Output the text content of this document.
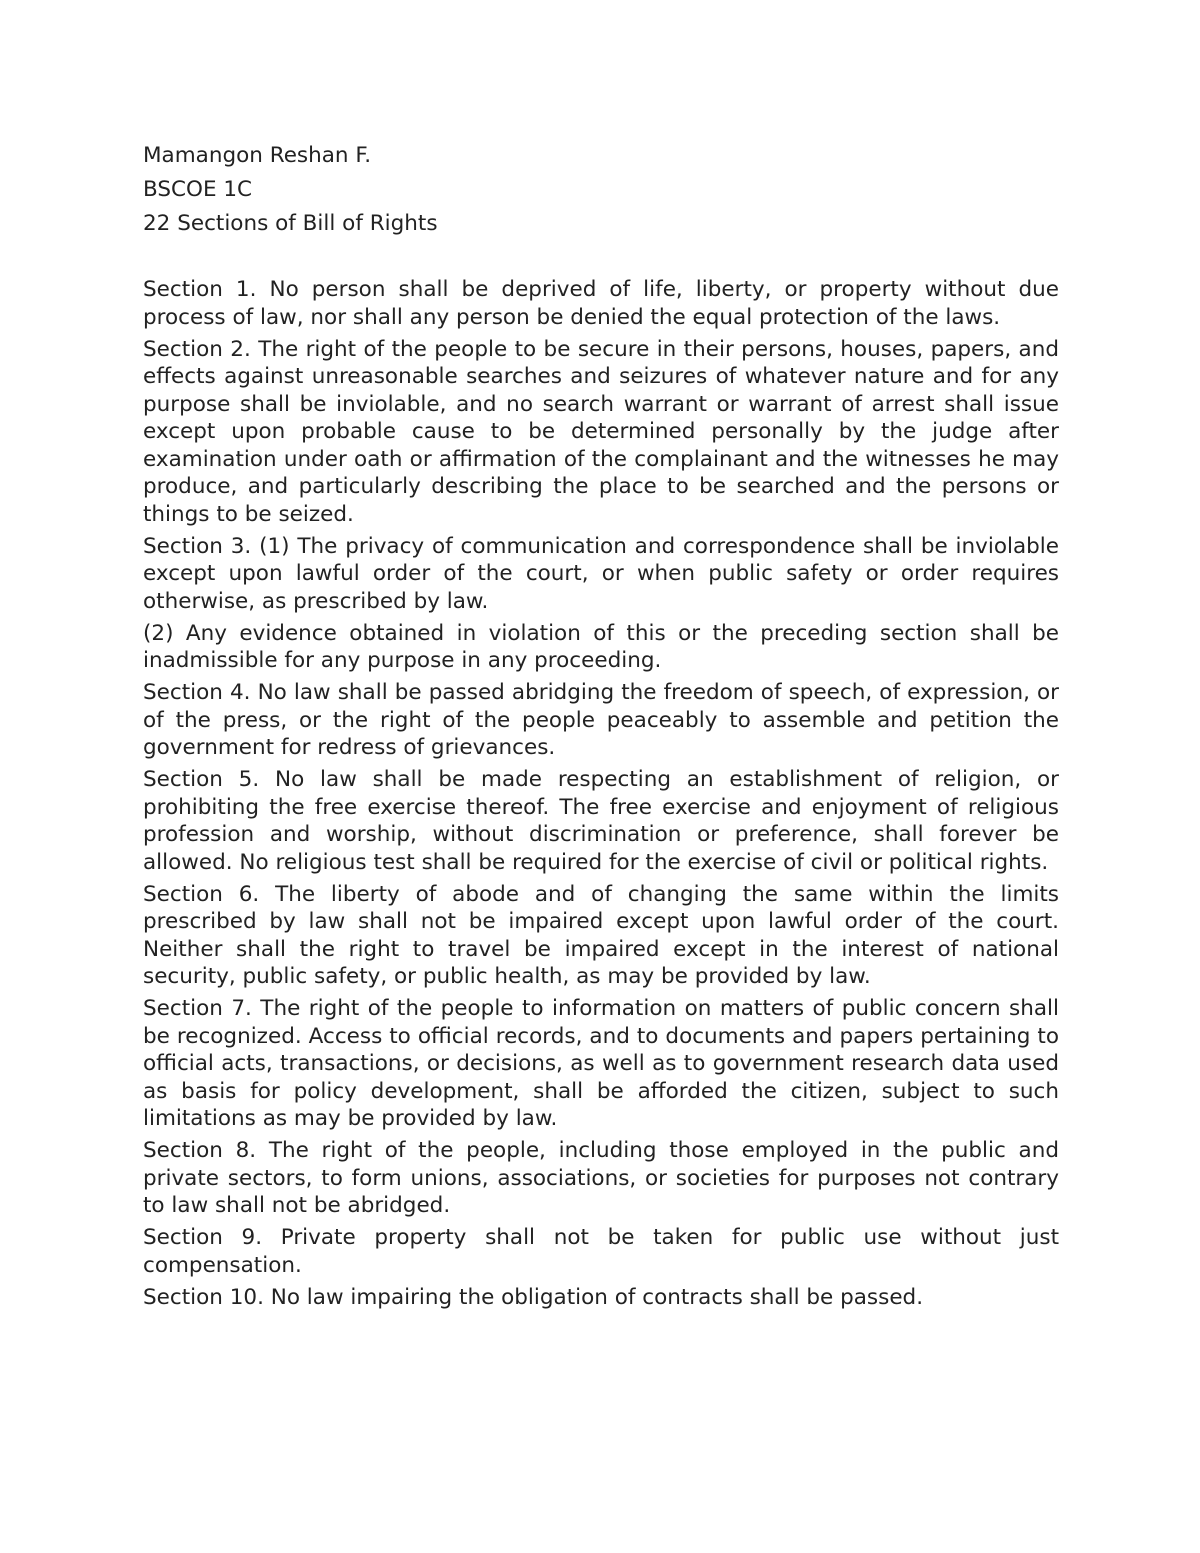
Mamangon Reshan F.
BSCOE 1C
22 Sections of Bill of Rights

Section 1. No person shall be deprived of life, liberty, or property without due process of law, nor shall any person be denied the equal protection of the laws.

Section 2. The right of the people to be secure in their persons, houses, papers, and effects against unreasonable searches and seizures of whatever nature and for any purpose shall be inviolable, and no search warrant or warrant of arrest shall issue except upon probable cause to be determined personally by the judge after examination under oath or affirmation of the complainant and the witnesses he may produce, and particularly describing the place to be searched and the persons or things to be seized.

Section 3. (1) The privacy of communication and correspondence shall be inviolable except upon lawful order of the court, or when public safety or order requires otherwise, as prescribed by law.

(2) Any evidence obtained in violation of this or the preceding section shall be inadmissible for any purpose in any proceeding.

Section 4. No law shall be passed abridging the freedom of speech, of expression, or of the press, or the right of the people peaceably to assemble and petition the government for redress of grievances.

Section 5. No law shall be made respecting an establishment of religion, or prohibiting the free exercise thereof. The free exercise and enjoyment of religious profession and worship, without discrimination or preference, shall forever be allowed. No religious test shall be required for the exercise of civil or political rights.

Section 6. The liberty of abode and of changing the same within the limits prescribed by law shall not be impaired except upon lawful order of the court. Neither shall the right to travel be impaired except in the interest of national security, public safety, or public health, as may be provided by law.

Section 7. The right of the people to information on matters of public concern shall be recognized. Access to official records, and to documents and papers pertaining to official acts, transactions, or decisions, as well as to government research data used as basis for policy development, shall be afforded the citizen, subject to such limitations as may be provided by law.

Section 8. The right of the people, including those employed in the public and private sectors, to form unions, associations, or societies for purposes not contrary to law shall not be abridged.

Section 9. Private property shall not be taken for public use without just compensation.

Section 10. No law impairing the obligation of contracts shall be passed.
